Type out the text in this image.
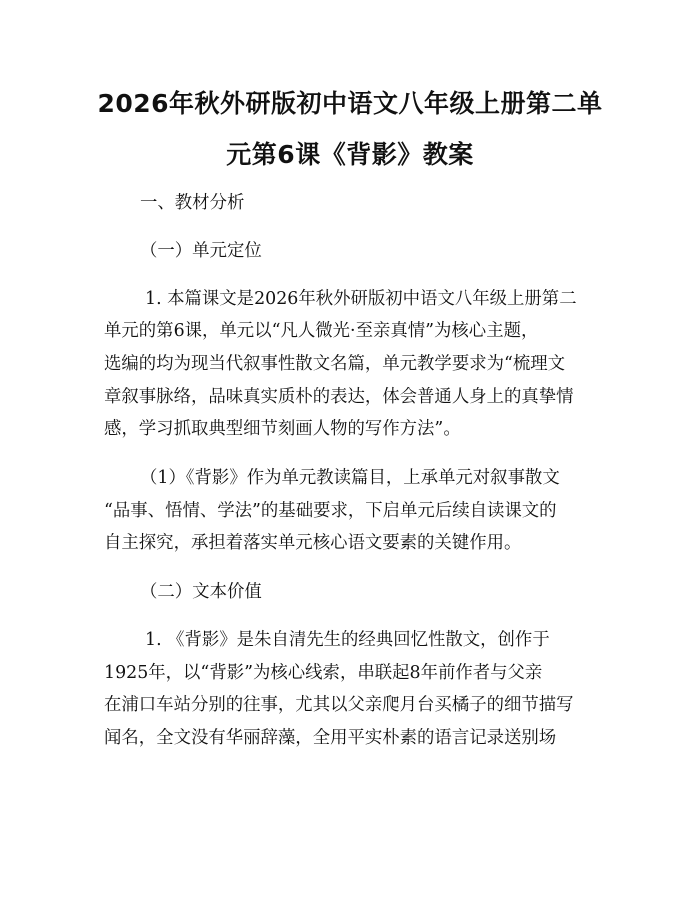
2026年秋外研版初中语文八年级上册第二单
元第6课《背影》教案

一、教材分析

（一）单元定位

1. 本篇课文是2026年秋外研版初中语文八年级上册第二

单元的第6课，单元以“凡人微光·至亲真情”为核心主题，

选编的均为现当代叙事性散文名篇，单元教学要求为“梳理文

章叙事脉络，品味真实质朴的表达，体会普通人身上的真挚情

感，学习抓取典型细节刻画人物的写作方法”。

（1）《背影》作为单元教读篇目，上承单元对叙事散文

“品事、悟情、学法”的基础要求，下启单元后续自读课文的

自主探究，承担着落实单元核心语文要素的关键作用。

（二）文本价值

1. 《背影》是朱自清先生的经典回忆性散文，创作于

1925年，以“背影”为核心线索，串联起8年前作者与父亲

在浦口车站分别的往事，尤其以父亲爬月台买橘子的细节描写

闻名，全文没有华丽辞藻，全用平实朴素的语言记录送别场
